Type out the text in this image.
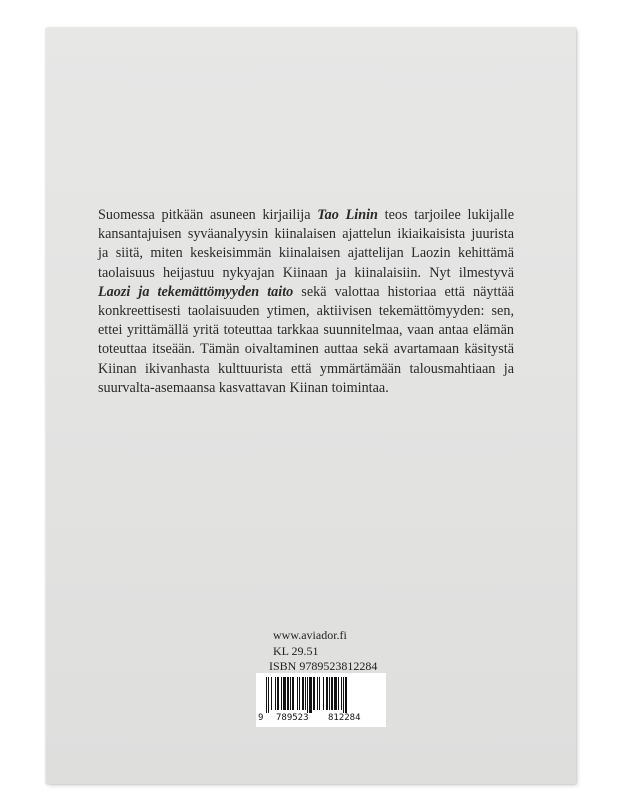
Suomessa pitkään asuneen kirjailija Tao Linin teos tarjoilee lukijalle kansantajuisen syväanalyysin kiinalaisen ajattelun ikiaikaisista juurista ja siitä, miten keskeisimmän kiinalaisen ajattelijan Laozin kehittämä taolaisuus heijastuu nykyajan Kiinaan ja kiinalaisiin. Nyt ilmestyvä Laozi ja tekemättömyyden taito sekä valottaa historiaa että näyttää konkreettisesti taolaisuuden ytimen, aktiivisen tekemättömyyden: sen, ettei yrittämällä yritä toteuttaa tarkkaa suunnitelmaa, vaan antaa elämän toteuttaa itseään. Tämän oivaltaminen auttaa sekä avartamaan käsitystä Kiinan ikivanhasta kulttuurista että ymmärtämään talousmahtiaan ja suurvalta-asemaansa kasvattavan Kiinan toimintaa.

www.aviador.fi
KL 29.51
ISBN 9789523812284
9 789523 812284
